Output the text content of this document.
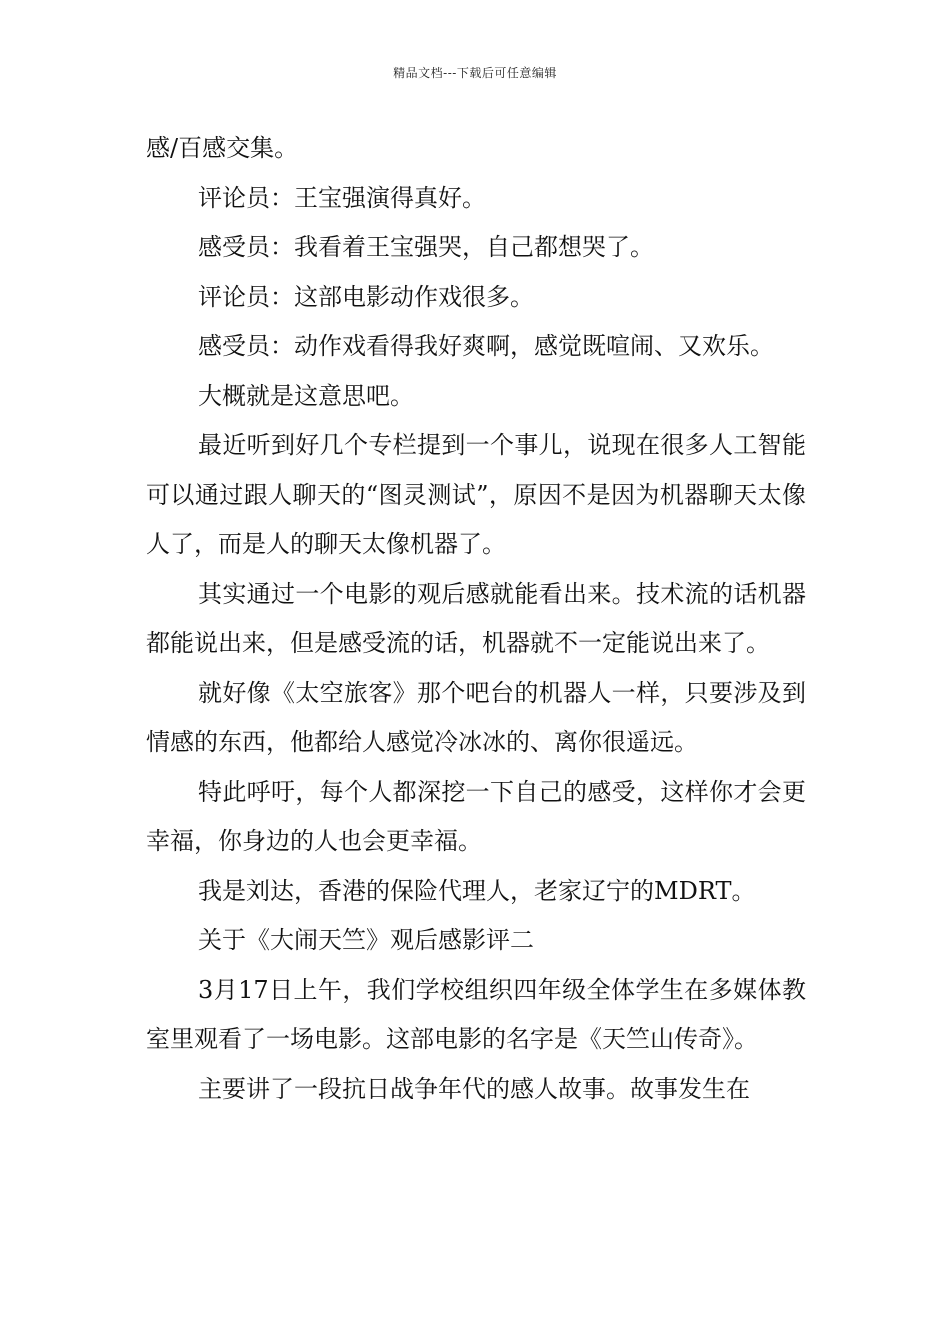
精品文档---下载后可任意编辑

感/百感交集。

评论员：王宝强演得真好。

感受员：我看着王宝强哭，自己都想哭了。

评论员：这部电影动作戏很多。

感受员：动作戏看得我好爽啊，感觉既喧闹、又欢乐。

大概就是这意思吧。

最近听到好几个专栏提到一个事儿，说现在很多人工智能可以通过跟人聊天的“图灵测试”，原因不是因为机器聊天太像人了，而是人的聊天太像机器了。

其实通过一个电影的观后感就能看出来。技术流的话机器都能说出来，但是感受流的话，机器就不一定能说出来了。

就好像《太空旅客》那个吧台的机器人一样，只要涉及到情感的东西，他都给人感觉冷冰冰的、离你很遥远。

特此呼吁，每个人都深挖一下自己的感受，这样你才会更幸福，你身边的人也会更幸福。

我是刘达，香港的保险代理人，老家辽宁的MDRT。

关于《大闹天竺》观后感影评二

3月17日上午，我们学校组织四年级全体学生在多媒体教室里观看了一场电影。这部电影的名字是《天竺山传奇》。

主要讲了一段抗日战争年代的感人故事。故事发生在
